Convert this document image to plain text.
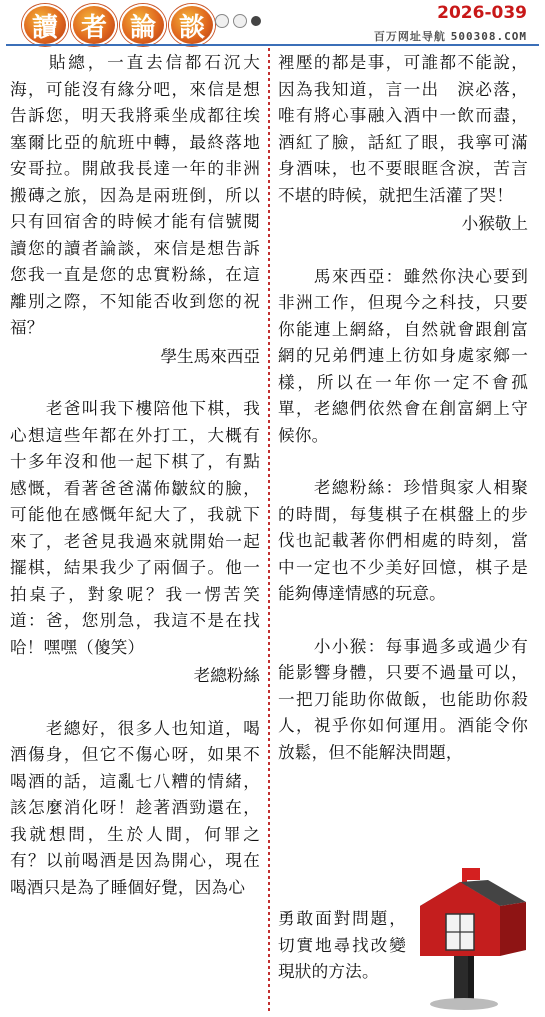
讀 者 論 談	2026-039
百万网址导航 500308.COM

　　貼總，一直去信都石沉大海，可能沒有緣分吧，來信是想告訴您，明天我將乘坐成都往埃塞爾比亞的航班中轉，最終落地安哥拉。開啟我長達一年的非洲搬磚之旅，因為是兩班倒，所以只有回宿舍的時候才能有信號閱讀您的讀者論談，來信是想告訴您我一直是您的忠實粉絲，在這離別之際，不知能否收到您的祝福？

學生馬來西亞

　　老爸叫我下樓陪他下棋，我心想這些年都在外打工，大概有十多年沒和他一起下棋了，有點感慨，看著爸爸滿佈皺紋的臉，可能他在感慨年紀大了，我就下來了，老爸見我過來就開始一起擺棋，結果我少了兩個子。他一拍桌子，對象呢？我一愣苦笑道：爸，您別急，我這不是在找哈！嘿嘿（傻笑）

老總粉絲

　　老總好，很多人也知道，喝酒傷身，但它不傷心呀，如果不喝酒的話，這亂七八糟的情緒，該怎麼消化呀！趁著酒勁還在，我就想問，生於人間，何罪之有？以前喝酒是因為開心，現在喝酒只是為了睡個好覺，因為心

裡壓的都是事，可誰都不能說，因為我知道，言一出　淚必落，唯有將心事融入酒中一飲而盡，酒紅了臉，話紅了眼，我寧可滿身酒味，也不要眼眶含淚，苦言不堪的時候，就把生活灌了哭！

小猴敬上

　　馬來西亞：雖然你決心要到非洲工作，但現今之科技，只要你能連上網絡，自然就會跟創富網的兄弟們連上彷如身處家鄉一樣，所以在一年你一定不會孤單，老總們依然會在創富網上守候你。

　　老總粉絲：珍惜與家人相聚的時間，每隻棋子在棋盤上的步伐也記載著你們相處的時刻，當中一定也不少美好回憶，棋子是能夠傳達情感的玩意。

　　小小猴：每事過多或過少有能影響身體，只要不過量可以，一把刀能助你做飯，也能助你殺人，視乎你如何運用。酒能令你放鬆，但不能解決問題，

勇敢面對問題，切實地尋找改變現狀的方法。
